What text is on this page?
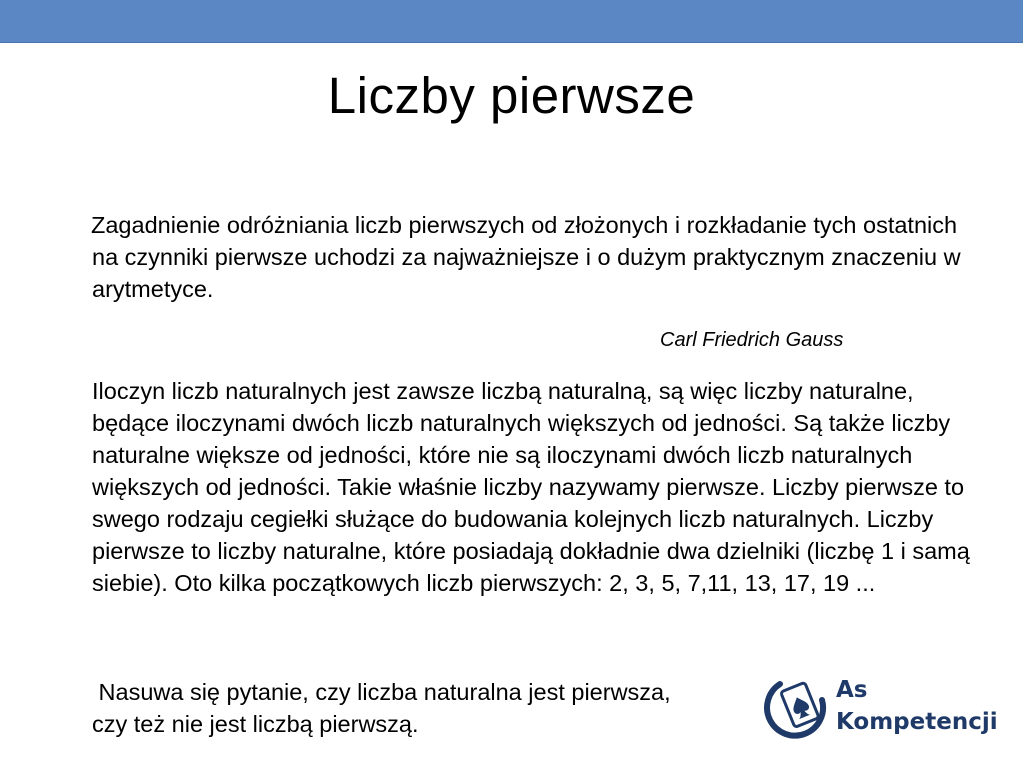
Liczby pierwsze

Zagadnienie odróżniania liczb pierwszych od złożonych i rozkładanie tych ostatnich na czynniki pierwsze uchodzi za najważniejsze i o dużym praktycznym znaczeniu w arytmetyce.

Carl Friedrich Gauss

Iloczyn liczb naturalnych jest zawsze liczbą naturalną, są więc liczby naturalne, będące iloczynami dwóch liczb naturalnych większych od jedności. Są także liczby naturalne większe od jedności, które nie są iloczynami dwóch liczb naturalnych większych od jedności. Takie właśnie liczby nazywamy pierwsze. Liczby pierwsze to swego rodzaju cegiełki służące do budowania kolejnych liczb naturalnych. Liczby pierwsze to liczby naturalne, które posiadają dokładnie dwa dzielniki (liczbę 1 i samą siebie). Oto kilka początkowych liczb pierwszych: 2, 3, 5, 7,11, 13, 17, 19 ...

Nasuwa się pytanie, czy liczba naturalna jest pierwsza, czy też nie jest liczbą pierwszą.

As
Kompetencji
